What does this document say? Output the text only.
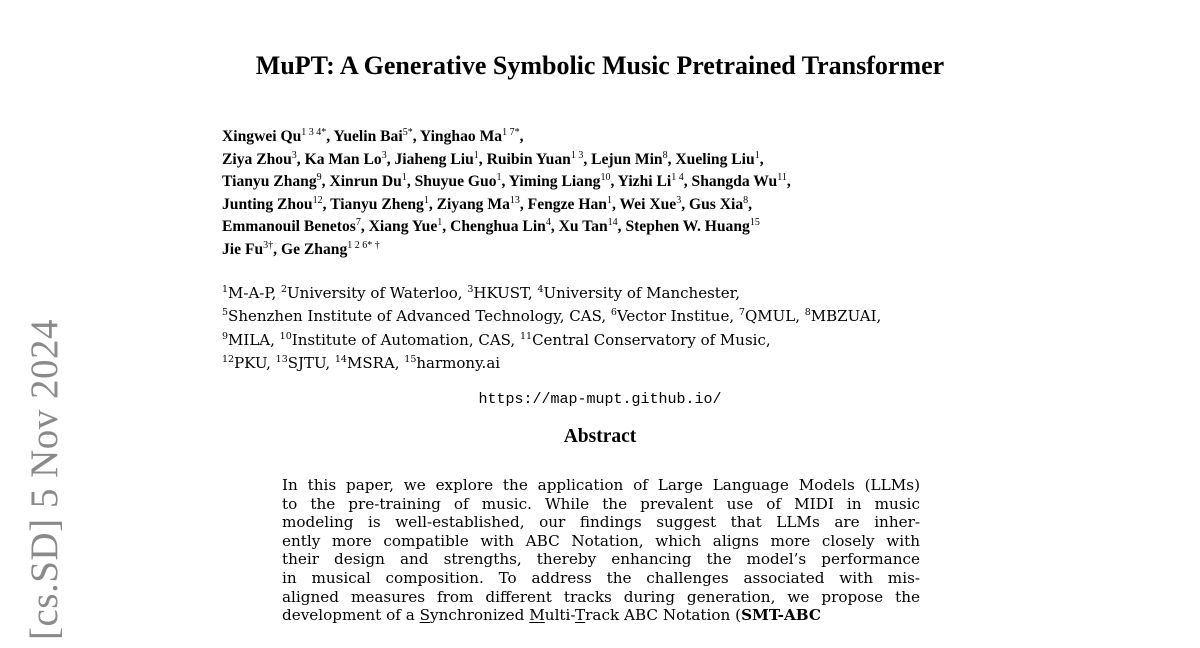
[cs.SD] 5 Nov 2024
MuPT: A Generative Symbolic Music Pretrained Transformer
Xingwei $Qu^{1 3 4*}$, Yuelin Bai$^{5*}$, Yinghao $Ma^{1 7*}$,
Ziya Zhou$^3$, Ka Man Lo$^3$, Jiaheng Liu$^1$, Ruibin Yuan$^{1 3}$, Lejun Min$^8$, Xueling Liu$^1$,
Tianyu Zhang$^9$, Xinrun Du$^1$, Shuyue Guo$^1$, Yiming Liang$^{10}$, Yizhi $Li^{1 4}$, Shangda Wu$^{11}$,
Junting Zhou$^{12}$, Tianyu Zheng$^1$, Ziyang Ma$^{13}$, Fengze Han$^1$, Wei Xue$^3$, Gus Xia$^8$,
Emmanouil Benetos$^7$, Xiang Yue$^1$, Chenghua Lin$^4$, Xu Tan$^{14}$, Stephen W. Huang$^{15}$
Jie $Fu^{3\dagger}$, Ge Zhang$^{1 2 6* \dagger}$
$^1$M-A-P, $^2$University of Waterloo, $^3$HKUST, $^4$University of Manchester,
$^5$Shenzhen Institute of Advanced Technology, CAS, $^6$Vector Institue, $^7$QMUL, $^8$MBZUAI,
$^9$MILA, $^{10}$Institute of Automation, CAS, $^{11}$Central Conservatory of Music,
$^{12}$PKU, $^{13}$SJTU, $^{14}$MSRA, $^{15}$harmony.ai
https://map-mupt.github.io/
Abstract
In this paper, we explore the application of Large Language Models (LLMs)
to the pre-training of music. While the prevalent use of MIDI in music
modeling is well-established, our findings suggest that LLMs are inher-
ently more compatible with ABC Notation, which aligns more closely with
their design and strengths, thereby enhancing the model’s performance
in musical composition. To address the challenges associated with mis-
aligned measures from different tracks during generation, we propose the
development of a Synchronized Multi-Track ABC Notation (SMT-ABC
